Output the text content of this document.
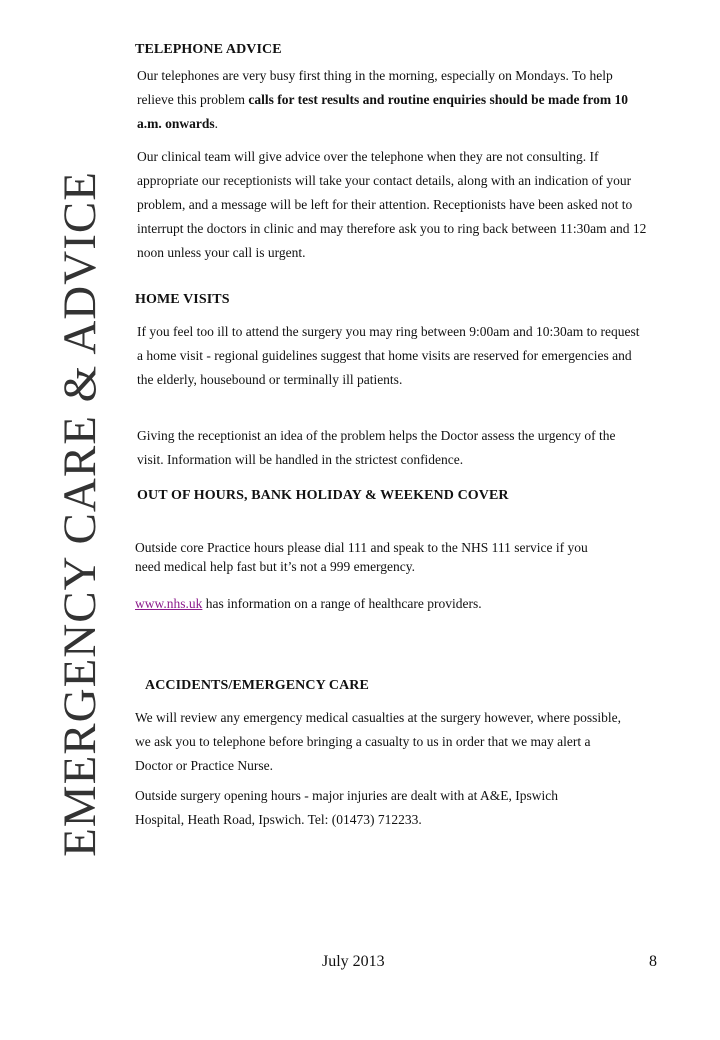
EMERGENCY CARE & ADVICE
TELEPHONE ADVICE

Our telephones are very busy first thing in the morning, especially on Mondays. To help relieve this problem calls for test results and routine enquiries should be made from 10 a.m. onwards.

Our clinical team will give advice over the telephone when they are not consulting. If appropriate our receptionists will take your contact details, along with an indication of your problem, and a message will be left for their attention. Receptionists have been asked not to interrupt the doctors in clinic and may therefore ask you to ring back between 11:30am and 12 noon unless your call is urgent.

HOME VISITS

If you feel too ill to attend the surgery you may ring between 9:00am and 10:30am to request a home visit - regional guidelines suggest that home visits are reserved for emergencies and the elderly, housebound or terminally ill patients.

Giving the receptionist an idea of the problem helps the Doctor assess the urgency of the visit. Information will be handled in the strictest confidence.

OUT OF HOURS, BANK HOLIDAY & WEEKEND COVER

Outside core Practice hours please dial 111 and speak to the NHS 111 service if you need medical help fast but it’s not a 999 emergency.

www.nhs.uk has information on a range of healthcare providers.

ACCIDENTS/EMERGENCY CARE

We will review any emergency medical casualties at the surgery however, where possible, we ask you to telephone before bringing a casualty to us in order that we may alert a Doctor or Practice Nurse.

Outside surgery opening hours - major injuries are dealt with at A&E, Ipswich Hospital, Heath Road, Ipswich. Tel: (01473) 712233.

July 2013	8
